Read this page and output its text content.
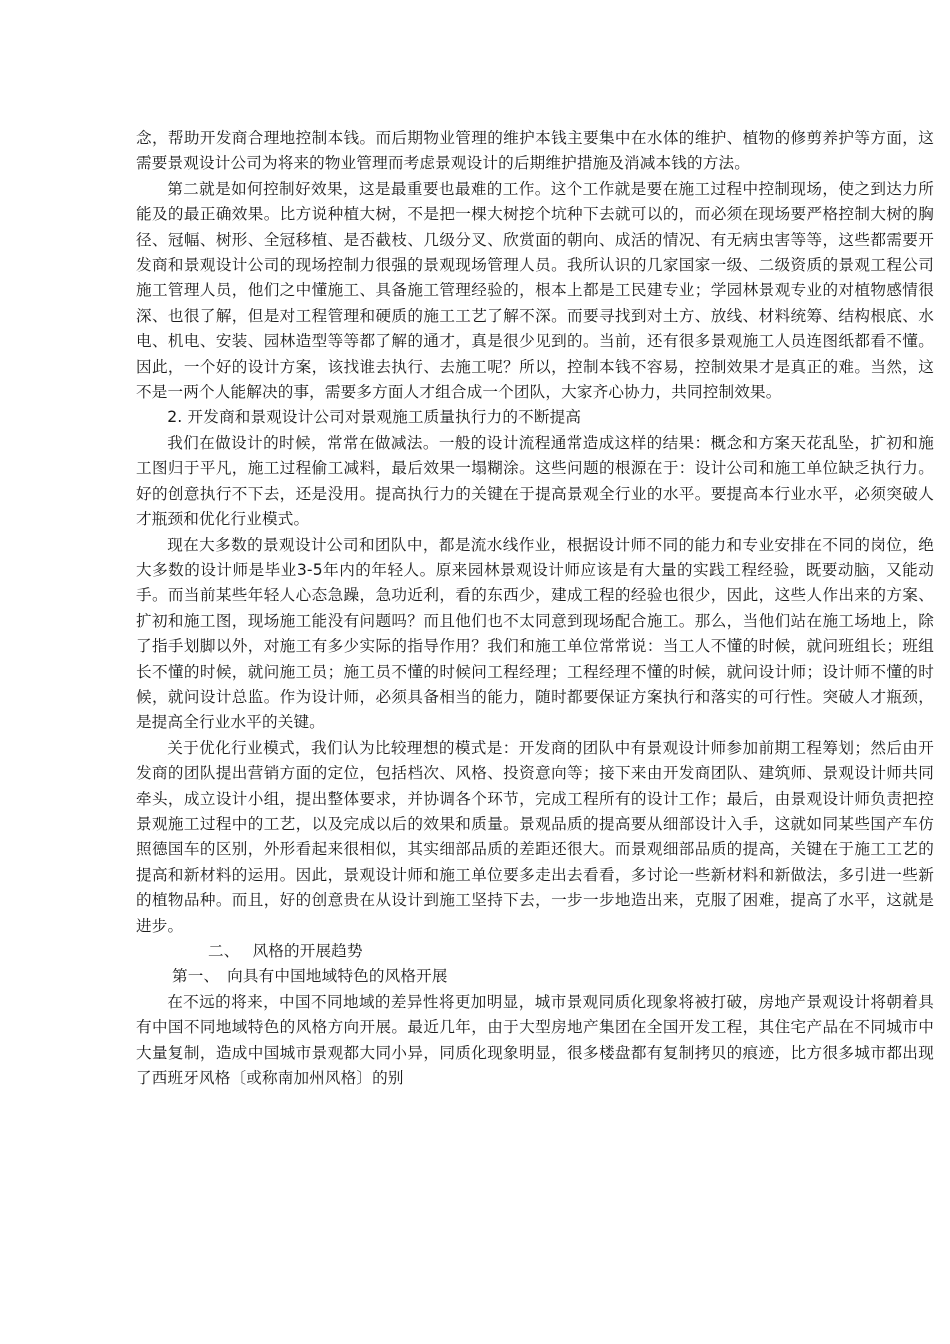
念，帮助开发商合理地控制本钱。而后期物业管理的维护本钱主要集中在水体的维护、植物的修剪养护等方面，这需要景观设计公司为将来的物业管理而考虑景观设计的后期维护措施及消减本钱的方法。

第二就是如何控制好效果，这是最重要也最难的工作。这个工作就是要在施工过程中控制现场，使之到达力所能及的最正确效果。比方说种植大树，不是把一棵大树挖个坑种下去就可以的，而必须在现场要严格控制大树的胸径、冠幅、树形、全冠移植、是否截枝、几级分叉、欣赏面的朝向、成活的情况、有无病虫害等等，这些都需要开发商和景观设计公司的现场控制力很强的景观现场管理人员。我所认识的几家国家一级、二级资质的景观工程公司施工管理人员，他们之中懂施工、具备施工管理经验的，根本上都是工民建专业；学园林景观专业的对植物感情很深、也很了解，但是对工程管理和硬质的施工工艺了解不深。而要寻找到对土方、放线、材料统筹、结构根底、水电、机电、安装、园林造型等等都了解的通才，真是很少见到的。当前，还有很多景观施工人员连图纸都看不懂。因此，一个好的设计方案，该找谁去执行、去施工呢？所以，控制本钱不容易，控制效果才是真正的难。当然，这不是一两个人能解决的事，需要多方面人才组合成一个团队，大家齐心协力，共同控制效果。

2. 开发商和景观设计公司对景观施工质量执行力的不断提高

我们在做设计的时候，常常在做减法。一般的设计流程通常造成这样的结果：概念和方案天花乱坠，扩初和施工图归于平凡，施工过程偷工减料，最后效果一塌糊涂。这些问题的根源在于：设计公司和施工单位缺乏执行力。好的创意执行不下去，还是没用。提高执行力的关键在于提高景观全行业的水平。要提高本行业水平，必须突破人才瓶颈和优化行业模式。

现在大多数的景观设计公司和团队中，都是流水线作业，根据设计师不同的能力和专业安排在不同的岗位，绝大多数的设计师是毕业3-5年内的年轻人。原来园林景观设计师应该是有大量的实践工程经验，既要动脑，又能动手。而当前某些年轻人心态急躁，急功近利，看的东西少，建成工程的经验也很少，因此，这些人作出来的方案、扩初和施工图，现场施工能没有问题吗？而且他们也不太同意到现场配合施工。那么，当他们站在施工场地上，除了指手划脚以外，对施工有多少实际的指导作用？我们和施工单位常常说：当工人不懂的时候，就问班组长；班组长不懂的时候，就问施工员；施工员不懂的时候问工程经理；工程经理不懂的时候，就问设计师；设计师不懂的时候，就问设计总监。作为设计师，必须具备相当的能力，随时都要保证方案执行和落实的可行性。突破人才瓶颈，是提高全行业水平的关键。

关于优化行业模式，我们认为比较理想的模式是：开发商的团队中有景观设计师参加前期工程筹划；然后由开发商的团队提出营销方面的定位，包括档次、风格、投资意向等；接下来由开发商团队、建筑师、景观设计师共同牵头，成立设计小组，提出整体要求，并协调各个环节，完成工程所有的设计工作；最后，由景观设计师负责把控景观施工过程中的工艺，以及完成以后的效果和质量。景观品质的提高要从细部设计入手，这就如同某些国产车仿照德国车的区别，外形看起来很相似，其实细部品质的差距还很大。而景观细部品质的提高，关键在于施工工艺的提高和新材料的运用。因此，景观设计师和施工单位要多走出去看看，多讨论一些新材料和新做法，多引进一些新的植物品种。而且，好的创意贵在从设计到施工坚持下去，一步一步地造出来，克服了困难，提高了水平，这就是进步。

二、　 风格的开展趋势

第一、　向具有中国地域特色的风格开展

在不远的将来，中国不同地域的差异性将更加明显，城市景观同质化现象将被打破，房地产景观设计将朝着具有中国不同地域特色的风格方向开展。最近几年，由于大型房地产集团在全国开发工程，其住宅产品在不同城市中大量复制，造成中国城市景观都大同小异，同质化现象明显，很多楼盘都有复制拷贝的痕迹，比方很多城市都出现了西班牙风格〔或称南加州风格〕的别
